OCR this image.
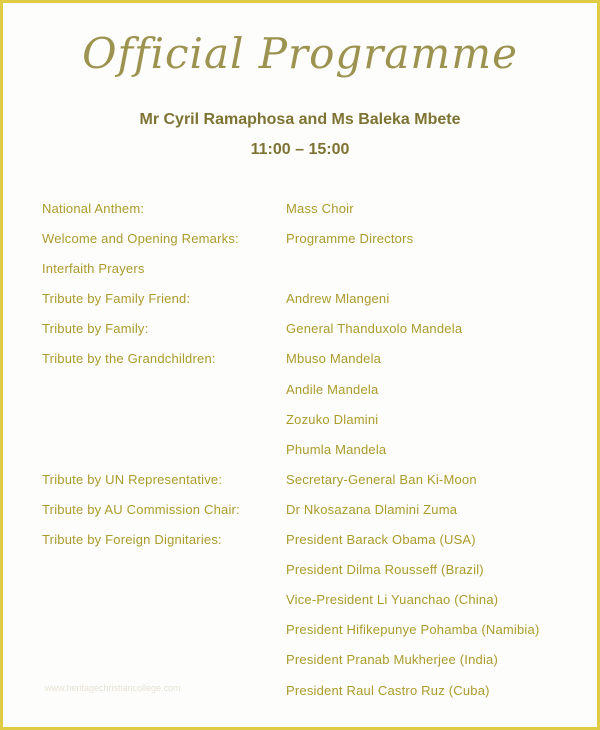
Official Programme
Mr Cyril Ramaphosa and Ms Baleka Mbete
11:00 – 15:00
National Anthem:	Mass Choir
Welcome and Opening Remarks:	Programme Directors
Interfaith Prayers
Tribute by Family Friend:	Andrew Mlangeni
Tribute by Family:	General Thanduxolo Mandela
Tribute by the Grandchildren:	Mbuso Mandela
Andile Mandela
Zozuko Dlamini
Phumla Mandela
Tribute by UN Representative:	Secretary-General Ban Ki-Moon
Tribute by AU Commission Chair:	Dr Nkosazana Dlamini Zuma
Tribute by Foreign Dignitaries:	President Barack Obama (USA)
President Dilma Rousseff (Brazil)
Vice-President Li Yuanchao (China)
President Hifikepunye Pohamba (Namibia)
President Pranab Mukherjee (India)
President Raul Castro Ruz (Cuba)
www.heritagechristiancollege.com
